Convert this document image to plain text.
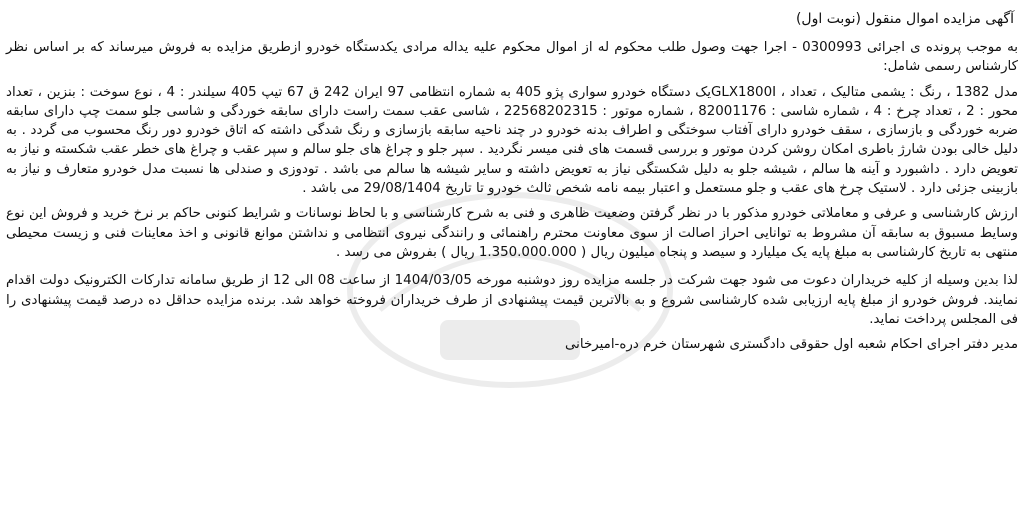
آگهی مزایده اموال منقول (نوبت اول)

به موجب پرونده ی اجرائی 0300993 - اجرا جهت وصول طلب محکوم له از اموال محکوم علیه یداله مرادی یکدستگاه خودرو ازطریق مزایده به فروش میرساند که بر اساس نظر کارشناس رسمی شامل:

مدل 1382 ، رنگ : یشمی متالیک ، تعداد ، GLX1800Iیک دستگاه خودرو سواری پژو 405 به شماره انتظامی 97 ایران 242 ق 67 تیپ 405 سیلندر : 4 ، نوع سوخت : بنزین ، تعداد محور : 2 ، تعداد چرخ : 4 ، شماره شاسی : 82001176 ، شماره موتور : 22568202315 ، شاسی عقب سمت راست دارای سابقه خوردگی و شاسی جلو سمت چپ دارای سابقه ضربه خوردگی و بازسازی ، سقف خودرو دارای آفتاب سوختگی و اطراف بدنه خودرو در چند ناحیه سابقه بازسازی و رنگ شدگی داشته که اتاق خودرو دور رنگ محسوب می گردد . به دلیل خالی بودن شارژ باطری امکان روشن کردن موتور و بررسی قسمت های فنی میسر نگردید . سپر جلو و چراغ های جلو سالم و سپر عقب و چراغ های خطر عقب شکسته و نیاز به تعویض دارد . داشبورد و آینه ها سالم ، شیشه جلو به دلیل شکستگی نیاز به تعویض داشته و سایر شیشه ها سالم می باشد . تودوزی و صندلی ها نسبت مدل خودرو متعارف و نیاز به بازبینی جزئی دارد . لاستیک چرخ های عقب و جلو مستعمل و اعتبار بیمه نامه شخص ثالث خودرو تا تاریخ 29/08/1404 می باشد .

ارزش کارشناسی و عرفی و معاملاتی خودرو مذکور با در نظر گرفتن وضعیت ظاهری و فنی به شرح کارشناسی و با لحاظ نوسانات و شرایط کنونی حاکم بر نرخ خرید و فروش این نوع وسایط مسبوق به سابقه آن مشروط به توانایی احراز اصالت از سوی معاونت محترم راهنمائی و رانندگی نیروی انتظامی و نداشتن موانع قانونی و اخذ معاینات فنی و زیست محیطی منتهی به تاریخ کارشناسی به مبلغ پایه یک میلیارد و سیصد و پنجاه میلیون ریال ( 1.350.000.000 ریال ) بفروش می رسد .

لذا بدین وسیله از کلیه خریداران دعوت می شود جهت شرکت در جلسه مزایده روز دوشنبه مورخه 1404/03/05 از ساعت 08 الی 12 از طریق سامانه تدارکات الکترونیک دولت اقدام نمایند. فروش خودرو از مبلغ پایه ارزیابی شده کارشناسی شروع و به بالاترین قیمت پیشنهادی از طرف خریداران فروخته خواهد شد. برنده مزایده حداقل ده درصد قیمت پیشنهادی را فی المجلس پرداخت نماید.

مدیر دفتر اجرای احکام شعبه اول حقوقی دادگستری شهرستان خرم دره-امیرخانی
